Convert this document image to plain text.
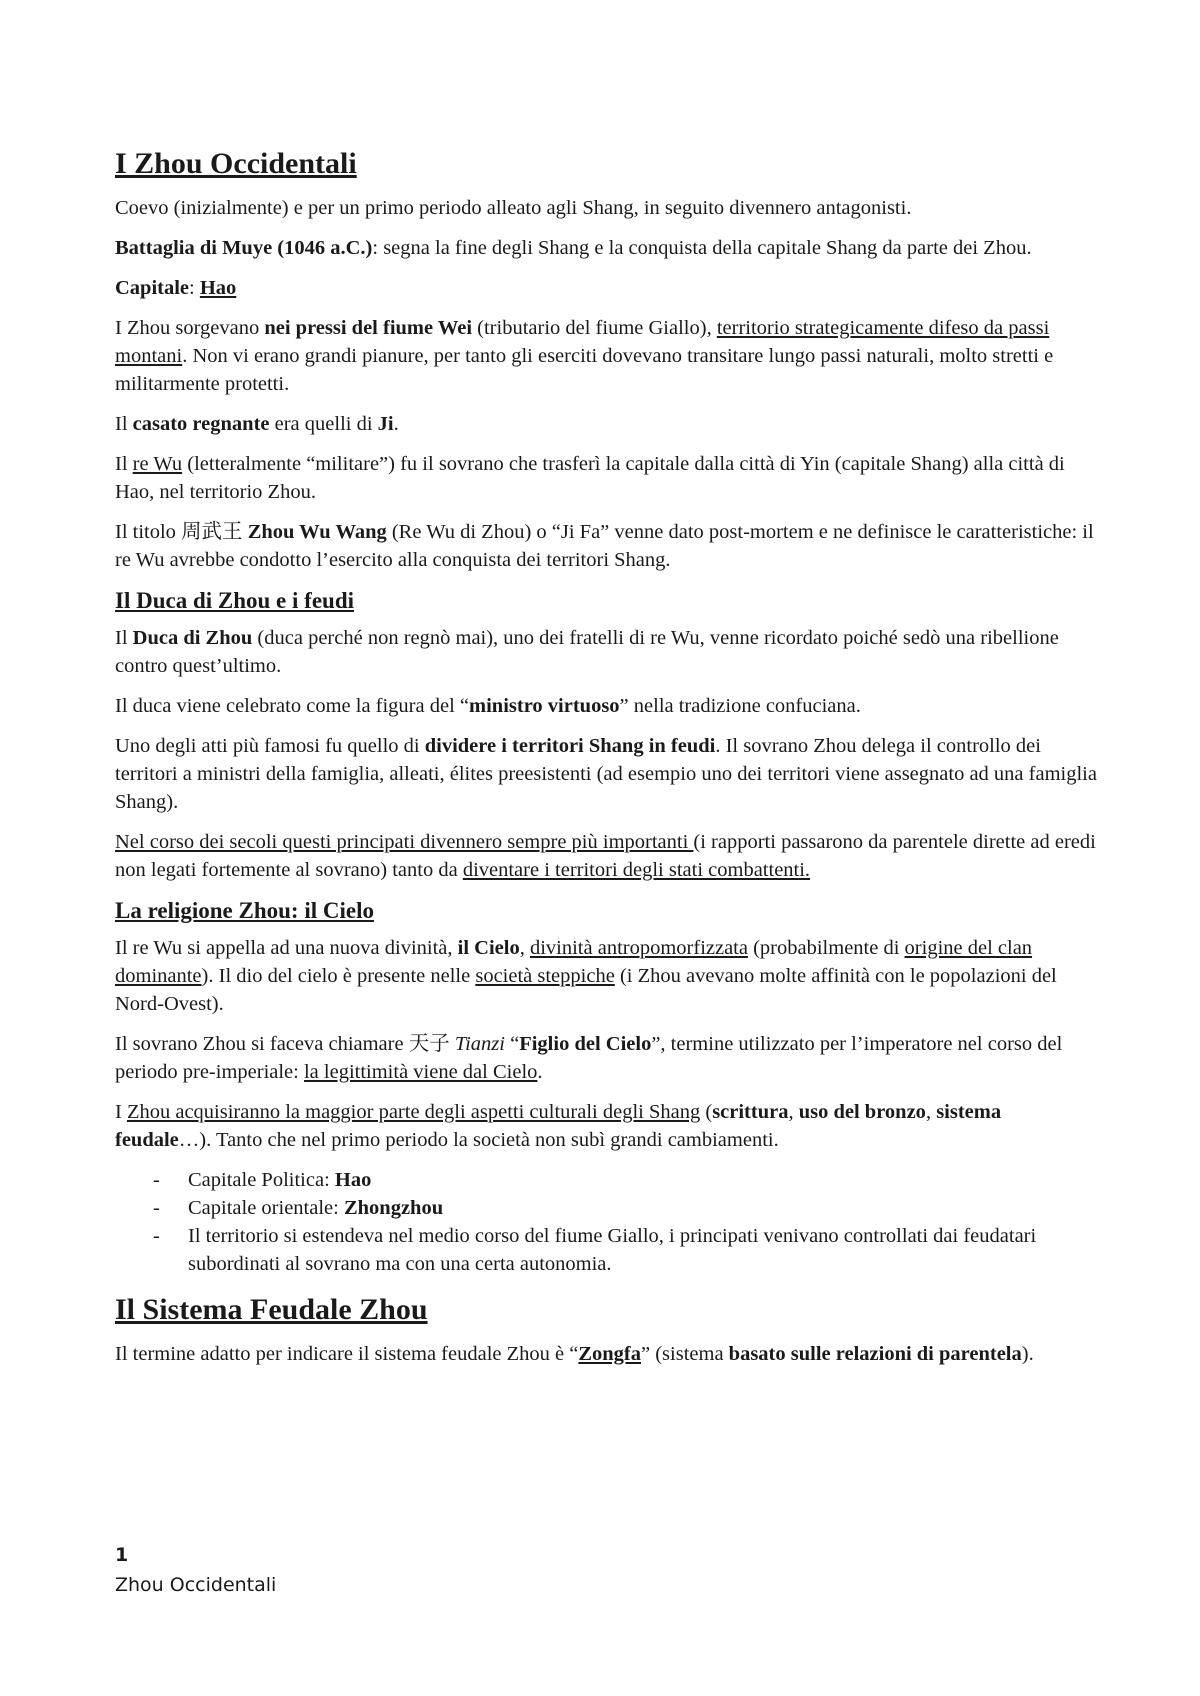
I Zhou Occidentali

Coevo (inizialmente) e per un primo periodo alleato agli Shang, in seguito divennero antagonisti.

Battaglia di Muye (1046 a.C.): segna la fine degli Shang e la conquista della capitale Shang da parte dei Zhou.

Capitale: Hao

I Zhou sorgevano nei pressi del fiume Wei (tributario del fiume Giallo), territorio strategicamente difeso da passi montani. Non vi erano grandi pianure, per tanto gli eserciti dovevano transitare lungo passi naturali, molto stretti e militarmente protetti.

Il casato regnante era quelli di Ji.

Il re Wu (letteralmente “militare”) fu il sovrano che trasferì la capitale dalla città di Yin (capitale Shang) alla città di Hao, nel territorio Zhou.

Il titolo 周武王 Zhou Wu Wang (Re Wu di Zhou) o “Ji Fa” venne dato post-mortem e ne definisce le caratteristiche: il re Wu avrebbe condotto l’esercito alla conquista dei territori Shang.

Il Duca di Zhou e i feudi

Il Duca di Zhou (duca perché non regnò mai), uno dei fratelli di re Wu, venne ricordato poiché sedò una ribellione contro quest’ultimo.

Il duca viene celebrato come la figura del “ministro virtuoso” nella tradizione confuciana.

Uno degli atti più famosi fu quello di dividere i territori Shang in feudi. Il sovrano Zhou delega il controllo dei territori a ministri della famiglia, alleati, élites preesistenti (ad esempio uno dei territori viene assegnato ad una famiglia Shang).

Nel corso dei secoli questi principati divennero sempre più importanti (i rapporti passarono da parentele dirette ad eredi non legati fortemente al sovrano) tanto da diventare i territori degli stati combattenti.

La religione Zhou: il Cielo

Il re Wu si appella ad una nuova divinità, il Cielo, divinità antropomorfizzata (probabilmente di origine del clan dominante). Il dio del cielo è presente nelle società steppiche (i Zhou avevano molte affinità con le popolazioni del Nord-Ovest).

Il sovrano Zhou si faceva chiamare 天子 Tianzi “Figlio del Cielo”, termine utilizzato per l’imperatore nel corso del periodo pre-imperiale: la legittimità viene dal Cielo.

I Zhou acquisiranno la maggior parte degli aspetti culturali degli Shang (scrittura, uso del bronzo, sistema feudale…). Tanto che nel primo periodo la società non subì grandi cambiamenti.

- Capitale Politica: Hao
- Capitale orientale: Zhongzhou
- Il territorio si estendeva nel medio corso del fiume Giallo, i principati venivano controllati dai feudatari subordinati al sovrano ma con una certa autonomia.
Il Sistema Feudale Zhou

Il termine adatto per indicare il sistema feudale Zhou è “Zongfa” (sistema basato sulle relazioni di parentela).

1
Zhou Occidentali
